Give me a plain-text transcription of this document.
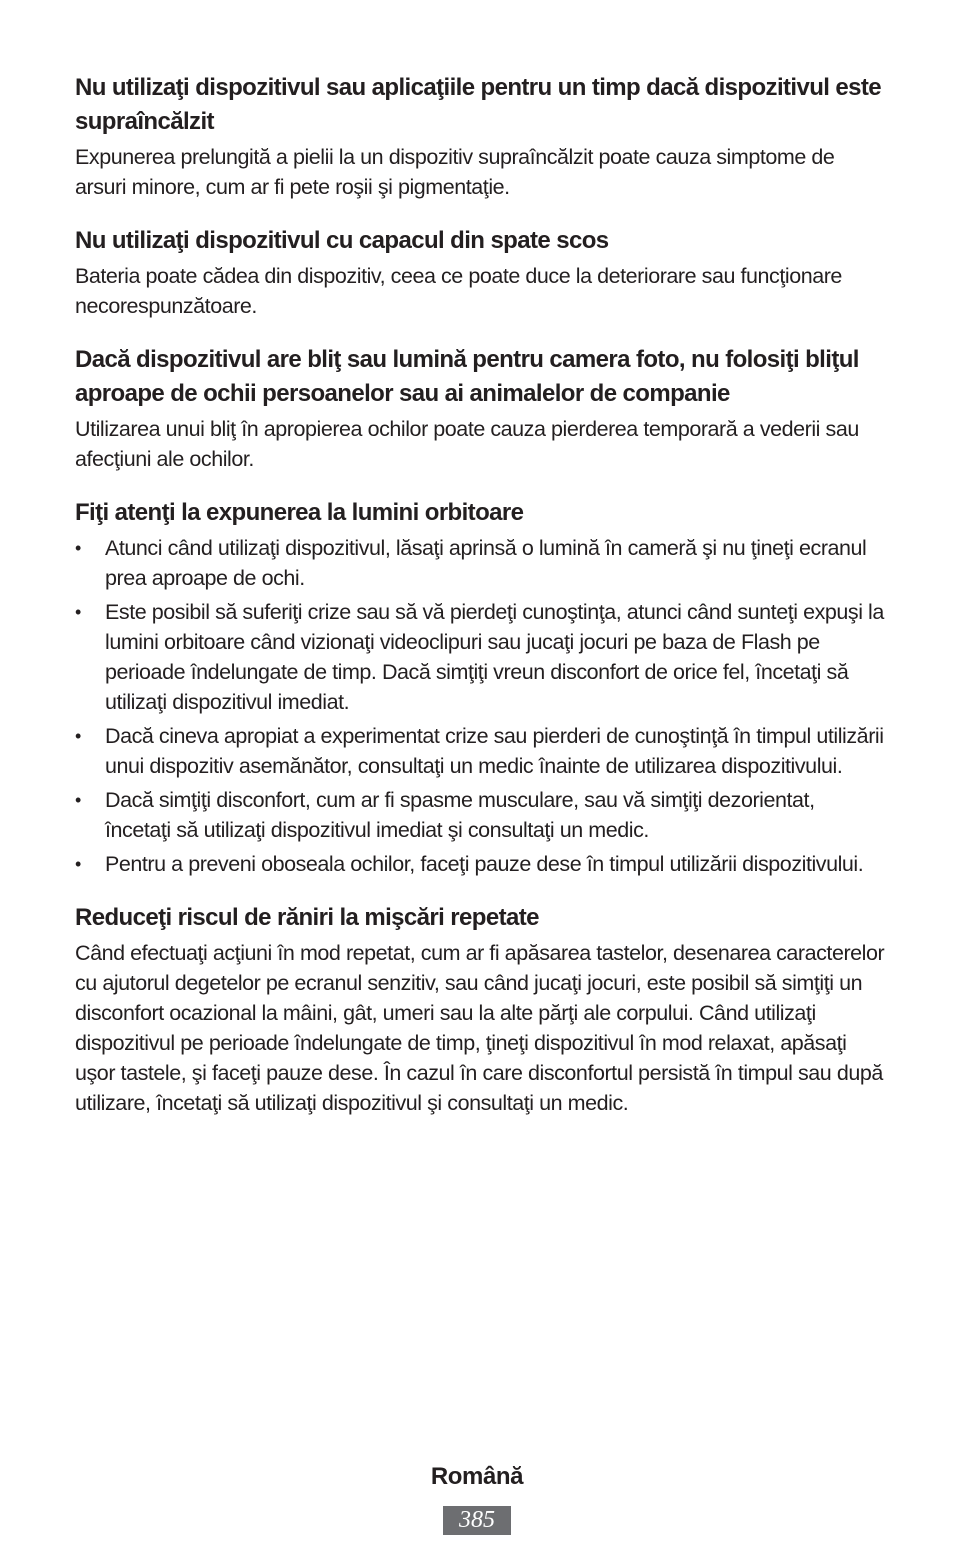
Nu utilizaţi dispozitivul sau aplicaţiile pentru un timp dacă dispozitivul este supraîncălzit

Expunerea prelungită a pielii la un dispozitiv supraîncălzit poate cauza simptome de arsuri minore, cum ar fi pete roşii şi pigmentaţie.

Nu utilizaţi dispozitivul cu capacul din spate scos

Bateria poate cădea din dispozitiv, ceea ce poate duce la deteriorare sau funcţionare necorespunzătoare.

Dacă dispozitivul are bliţ sau lumină pentru camera foto, nu folosiţi bliţul aproape de ochii persoanelor sau ai animalelor de companie

Utilizarea unui bliţ în apropierea ochilor poate cauza pierderea temporară a vederii sau afecţiuni ale ochilor.

Fiţi atenţi la expunerea la lumini orbitoare
•	Atunci când utilizaţi dispozitivul, lăsaţi aprinsă o lumină în cameră şi nu ţineţi ecranul prea aproape de ochi.
•	Este posibil să suferiţi crize sau să vă pierdeţi cunoştinţa, atunci când sunteţi expuşi la lumini orbitoare când vizionaţi videoclipuri sau jucaţi jocuri pe baza de Flash pe perioade îndelungate de timp. Dacă simţiţi vreun disconfort de orice fel, încetaţi să utilizaţi dispozitivul imediat.
•	Dacă cineva apropiat a experimentat crize sau pierderi de cunoştinţă în timpul utilizării unui dispozitiv asemănător, consultaţi un medic înainte de utilizarea dispozitivului.
•	Dacă simţiţi disconfort, cum ar fi spasme musculare, sau vă simţiţi dezorientat, încetaţi să utilizaţi dispozitivul imediat şi consultaţi un medic.
•	Pentru a preveni oboseala ochilor, faceţi pauze dese în timpul utilizării dispozitivului.
Reduceţi riscul de răniri la mişcări repetate

Când efectuaţi acţiuni în mod repetat, cum ar fi apăsarea tastelor, desenarea caracterelor cu ajutorul degetelor pe ecranul senzitiv, sau când jucaţi jocuri, este posibil să simţiţi un disconfort ocazional la mâini, gât, umeri sau la alte părţi ale corpului. Când utilizaţi dispozitivul pe perioade îndelungate de timp, ţineţi dispozitivul în mod relaxat, apăsaţi uşor tastele, şi faceţi pauze dese. În cazul în care disconfortul persistă în timpul sau după utilizare, încetaţi să utilizaţi dispozitivul şi consultaţi un medic.

Română
385
